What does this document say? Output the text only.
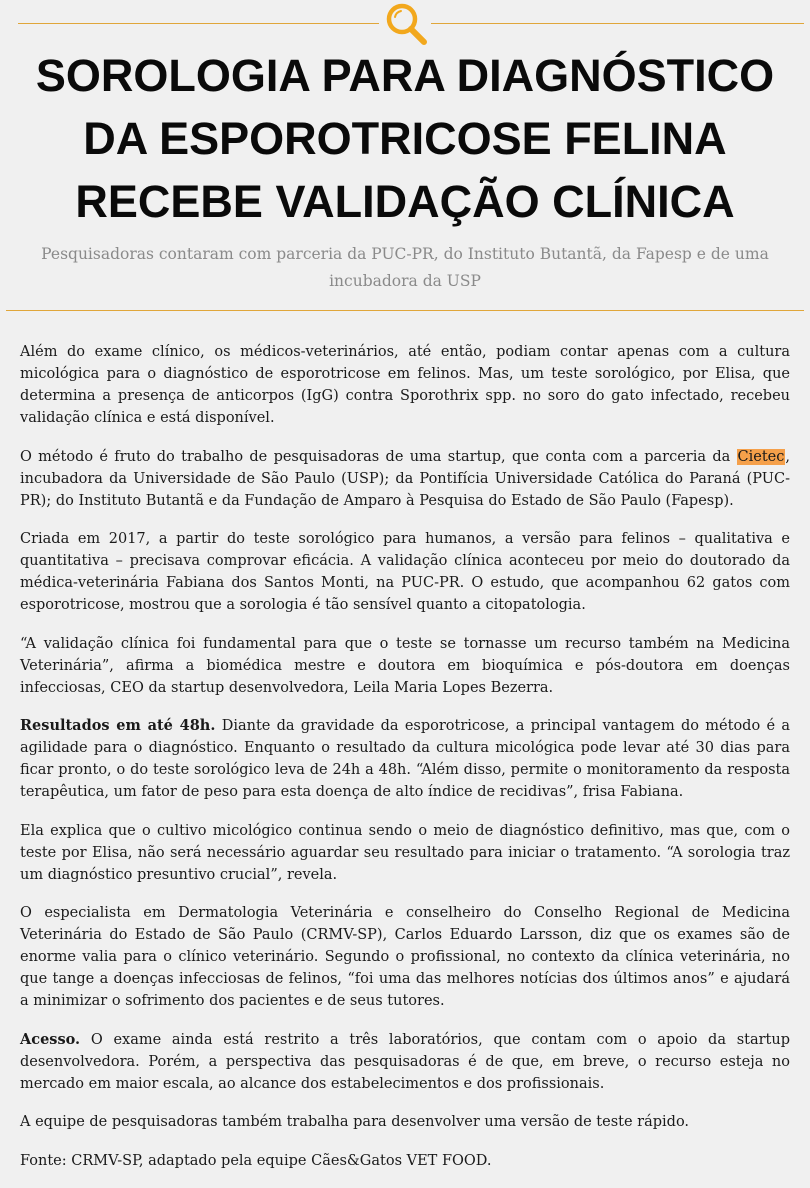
SOROLOGIA PARA DIAGNÓSTICO
DA ESPOROTRICOSE FELINA
RECEBE VALIDAÇÃO CLÍNICA

Pesquisadoras contaram com parceria da PUC-PR, do Instituto Butantã, da Fapesp e de uma incubadora da USP

Além do exame clínico, os médicos-veterinários, até então, podiam contar apenas com a cultura micológica para o diagnóstico de esporotricose em felinos. Mas, um teste sorológico, por Elisa, que determina a presença de anticorpos (IgG) contra Sporothrix spp. no soro do gato infectado, recebeu validação clínica e está disponível.

O método é fruto do trabalho de pesquisadoras de uma startup, que conta com a parceria da Cietec, incubadora da Universidade de São Paulo (USP); da Pontifícia Universidade Católica do Paraná (PUC-PR); do Instituto Butantã e da Fundação de Amparo à Pesquisa do Estado de São Paulo (Fapesp).

Criada em 2017, a partir do teste sorológico para humanos, a versão para felinos – qualitativa e quantitativa – precisava comprovar eficácia. A validação clínica aconteceu por meio do doutorado da médica-veterinária Fabiana dos Santos Monti, na PUC-PR. O estudo, que acompanhou 62 gatos com esporotricose, mostrou que a sorologia é tão sensível quanto a citopatologia.

“A validação clínica foi fundamental para que o teste se tornasse um recurso também na Medicina Veterinária”, afirma a biomédica mestre e doutora em bioquímica e pós-doutora em doenças infecciosas, CEO da startup desenvolvedora, Leila Maria Lopes Bezerra.

Resultados em até 48h. Diante da gravidade da esporotricose, a principal vantagem do método é a agilidade para o diagnóstico. Enquanto o resultado da cultura micológica pode levar até 30 dias para ficar pronto, o do teste sorológico leva de 24h a 48h. “Além disso, permite o monitoramento da resposta terapêutica, um fator de peso para esta doença de alto índice de recidivas”, frisa Fabiana.

Ela explica que o cultivo micológico continua sendo o meio de diagnóstico definitivo, mas que, com o teste por Elisa, não será necessário aguardar seu resultado para iniciar o tratamento. “A sorologia traz um diagnóstico presuntivo crucial”, revela.

O especialista em Dermatologia Veterinária e conselheiro do Conselho Regional de Medicina Veterinária do Estado de São Paulo (CRMV-SP), Carlos Eduardo Larsson, diz que os exames são de enorme valia para o clínico veterinário. Segundo o profissional, no contexto da clínica veterinária, no que tange a doenças infecciosas de felinos, “foi uma das melhores notícias dos últimos anos” e ajudará a minimizar o sofrimento dos pacientes e de seus tutores.

Acesso. O exame ainda está restrito a três laboratórios, que contam com o apoio da startup desenvolvedora. Porém, a perspectiva das pesquisadoras é de que, em breve, o recurso esteja no mercado em maior escala, ao alcance dos estabelecimentos e dos profissionais.

A equipe de pesquisadoras também trabalha para desenvolver uma versão de teste rápido.

Fonte: CRMV-SP, adaptado pela equipe Cães&Gatos VET FOOD.
